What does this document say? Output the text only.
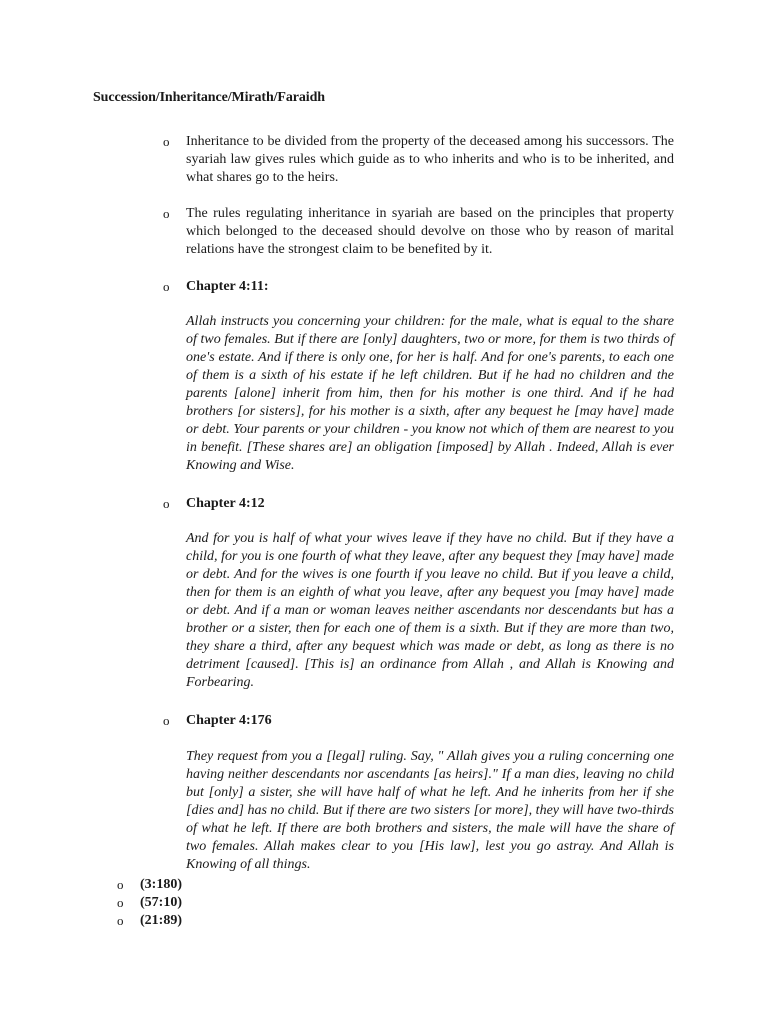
Succession/Inheritance/Mirath/Faraidh
o Inheritance to be divided from the property of the deceased among his successors. The syariah law gives rules which guide as to who inherits and who is to be inherited, and what shares go to the heirs.

o The rules regulating inheritance in syariah are based on the principles that property which belonged to the deceased should devolve on those who by reason of marital relations have the strongest claim to be benefited by it.

o Chapter 4:11:

Allah instructs you concerning your children: for the male, what is equal to the share of two females. But if there are [only] daughters, two or more, for them is two thirds of one's estate. And if there is only one, for her is half. And for one's parents, to each one of them is a sixth of his estate if he left children. But if he had no children and the parents [alone] inherit from him, then for his mother is one third. And if he had brothers [or sisters], for his mother is a sixth, after any bequest he [may have] made or debt. Your parents or your children - you know not which of them are nearest to you in benefit. [These shares are] an obligation [imposed] by Allah . Indeed, Allah is ever Knowing and Wise.

o Chapter 4:12

And for you is half of what your wives leave if they have no child. But if they have a child, for you is one fourth of what they leave, after any bequest they [may have] made or debt. And for the wives is one fourth if you leave no child. But if you leave a child, then for them is an eighth of what you leave, after any bequest you [may have] made or debt. And if a man or woman leaves neither ascendants nor descendants but has a brother or a sister, then for each one of them is a sixth. But if they are more than two, they share a third, after any bequest which was made or debt, as long as there is no detriment [caused]. [This is] an ordinance from Allah , and Allah is Knowing and Forbearing.

o Chapter 4:176

They request from you a [legal] ruling. Say, " Allah gives you a ruling concerning one having neither descendants nor ascendants [as heirs]." If a man dies, leaving no child but [only] a sister, she will have half of what he left. And he inherits from her if she [dies and] has no child. But if there are two sisters [or more], they will have two-thirds of what he left. If there are both brothers and sisters, the male will have the share of two females. Allah makes clear to you [His law], lest you go astray. And Allah is Knowing of all things.

o (3:180)
o (57:10)
o (21:89)
